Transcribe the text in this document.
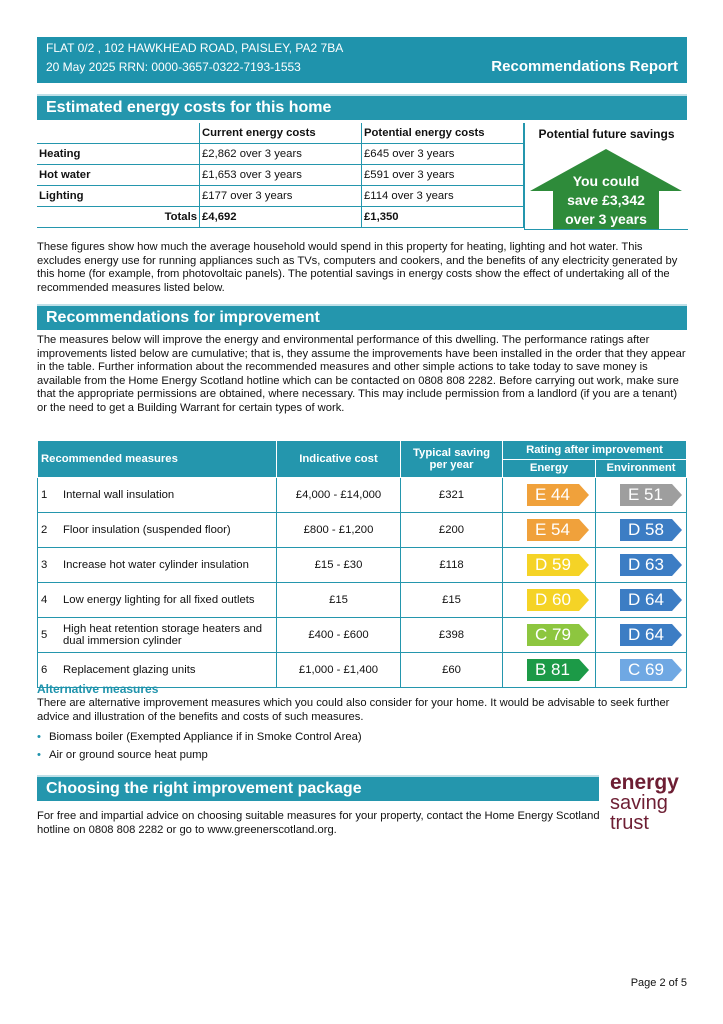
FLAT 0/2 , 102 HAWKHEAD ROAD, PAISLEY, PA2 7BA
20 May 2025 RRN: 0000-3657-0322-7193-1553	Recommendations Report
Estimated energy costs for this home
	Current energy costs	Potential energy costs
Heating	£2,862 over 3 years	£645 over 3 years
Hot water	£1,653 over 3 years	£591 over 3 years
Lighting	£177 over 3 years	£114 over 3 years
Totals	£4,692	£1,350
Potential future savings
You could
save £3,342
over 3 years

These figures show how much the average household would spend in this property for heating, lighting and hot water. This excludes energy use for running appliances such as TVs, computers and cookers, and the benefits of any electricity generated by this home (for example, from photovoltaic panels). The potential savings in energy costs show the effect of undertaking all of the recommended measures listed below.

Recommendations for improvement

The measures below will improve the energy and environmental performance of this dwelling. The performance ratings after improvements listed below are cumulative; that is, they assume the improvements have been installed in the order that they appear in the table. Further information about the recommended measures and other simple actions to take today to save money is available from the Home Energy Scotland hotline which can be contacted on 0808 808 2282. Before carrying out work, make sure that the appropriate permissions are obtained, where necessary. This may include permission from a landlord (if you are a tenant) or the need to get a Building Warrant for certain types of work.

Recommended measures	Indicative cost	Typical saving per year	Rating after improvement	
			Energy	Environment
1 Internal wall insulation	£4,000 - £14,000	£321	E 44	E 51
2 Floor insulation (suspended floor)	£800 - £1,200	£200	E 54	D 58
3 Increase hot water cylinder insulation	£15 - £30	£118	D 59	D 63
4 Low energy lighting for all fixed outlets	£15	£15	D 60	D 64
5 High heat retention storage heaters and dual immersion cylinder	£400 - £600	£398	C 79	D 64
6 Replacement glazing units	£1,000 - £1,400	£60	B 81	C 69
Alternative measures

There are alternative improvement measures which you could also consider for your home. It would be advisable to seek further advice and illustration of the benefits and costs of such measures.

• Biomass boiler (Exempted Appliance if in Smoke Control Area)
• Air or ground source heat pump
Choosing the right improvement package

For free and impartial advice on choosing suitable measures for your property, contact the Home Energy Scotland hotline on 0808 808 2282 or go to www.greenerscotland.org.

energy
saving
trust
Page 2 of 5
